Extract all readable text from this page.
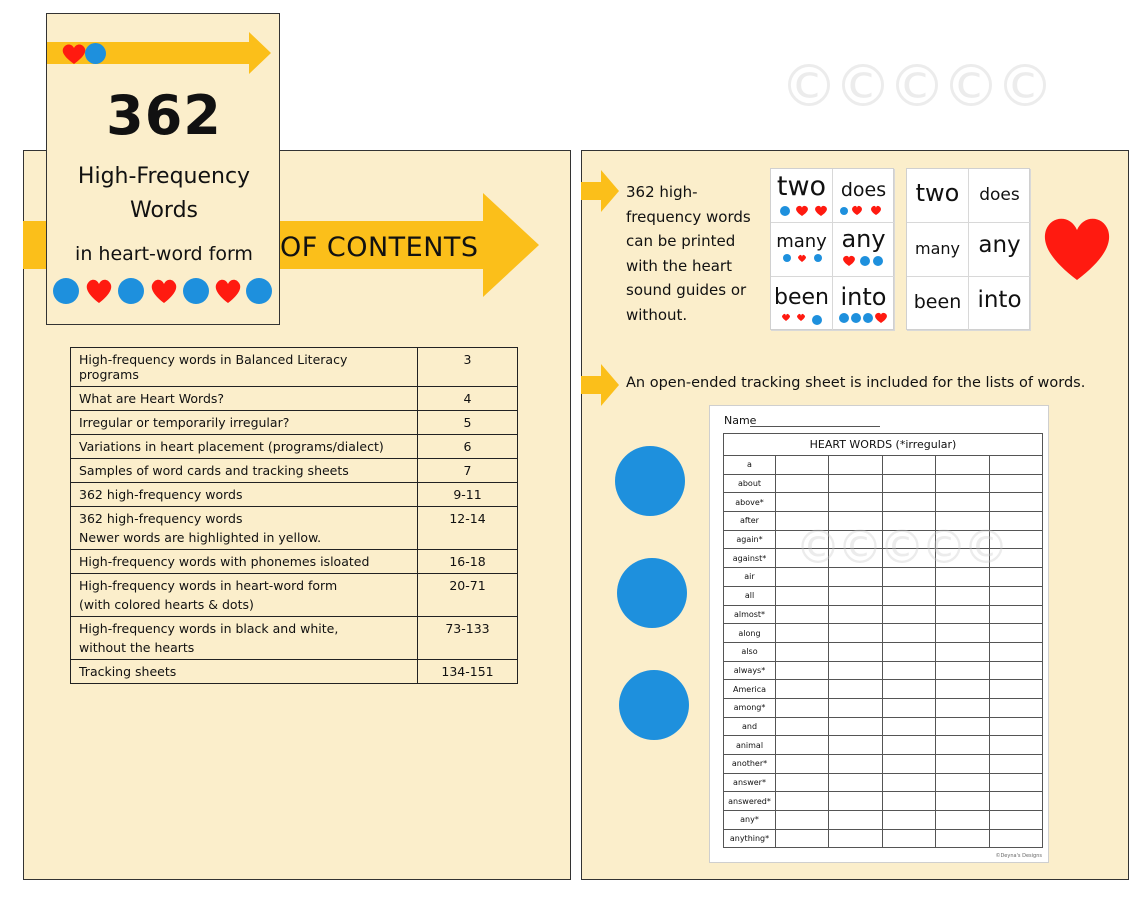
©©©©©
OF CONTENTS
High-frequency words in Balanced Literacy programs	3
What are Heart Words?	4
Irregular or temporarily irregular?	5
Variations in heart placement (programs/dialect)	6
Samples of word cards and tracking sheets	7
362 high-frequency words	9-11
362 high-frequency words
Newer words are highlighted in yellow.	12-14
High-frequency words with phonemes isloated	16-18
High-frequency words in heart-word form
(with colored hearts & dots)	20-71
High-frequency words in black and white,
without the hearts	73-133
Tracking sheets	134-151
362
High-Frequency
Words
in heart-word form
362 high-
frequency words
can be printed
with the heart
sound guides or
without.
two does
many any
been into
two	does
many any
been into
An open-ended tracking sheet is included for the lists of words.
Name
HEART WORDS (*irregular)					
a					
about					
above*					
after					
again*					
against*					
air					
all					
almost*					
along					
also					
always*					
America					
among*					
and					
animal					
another*					
answer*					
answered*					
any*					
anything*					
©Deyna's Designs
©©©©©
